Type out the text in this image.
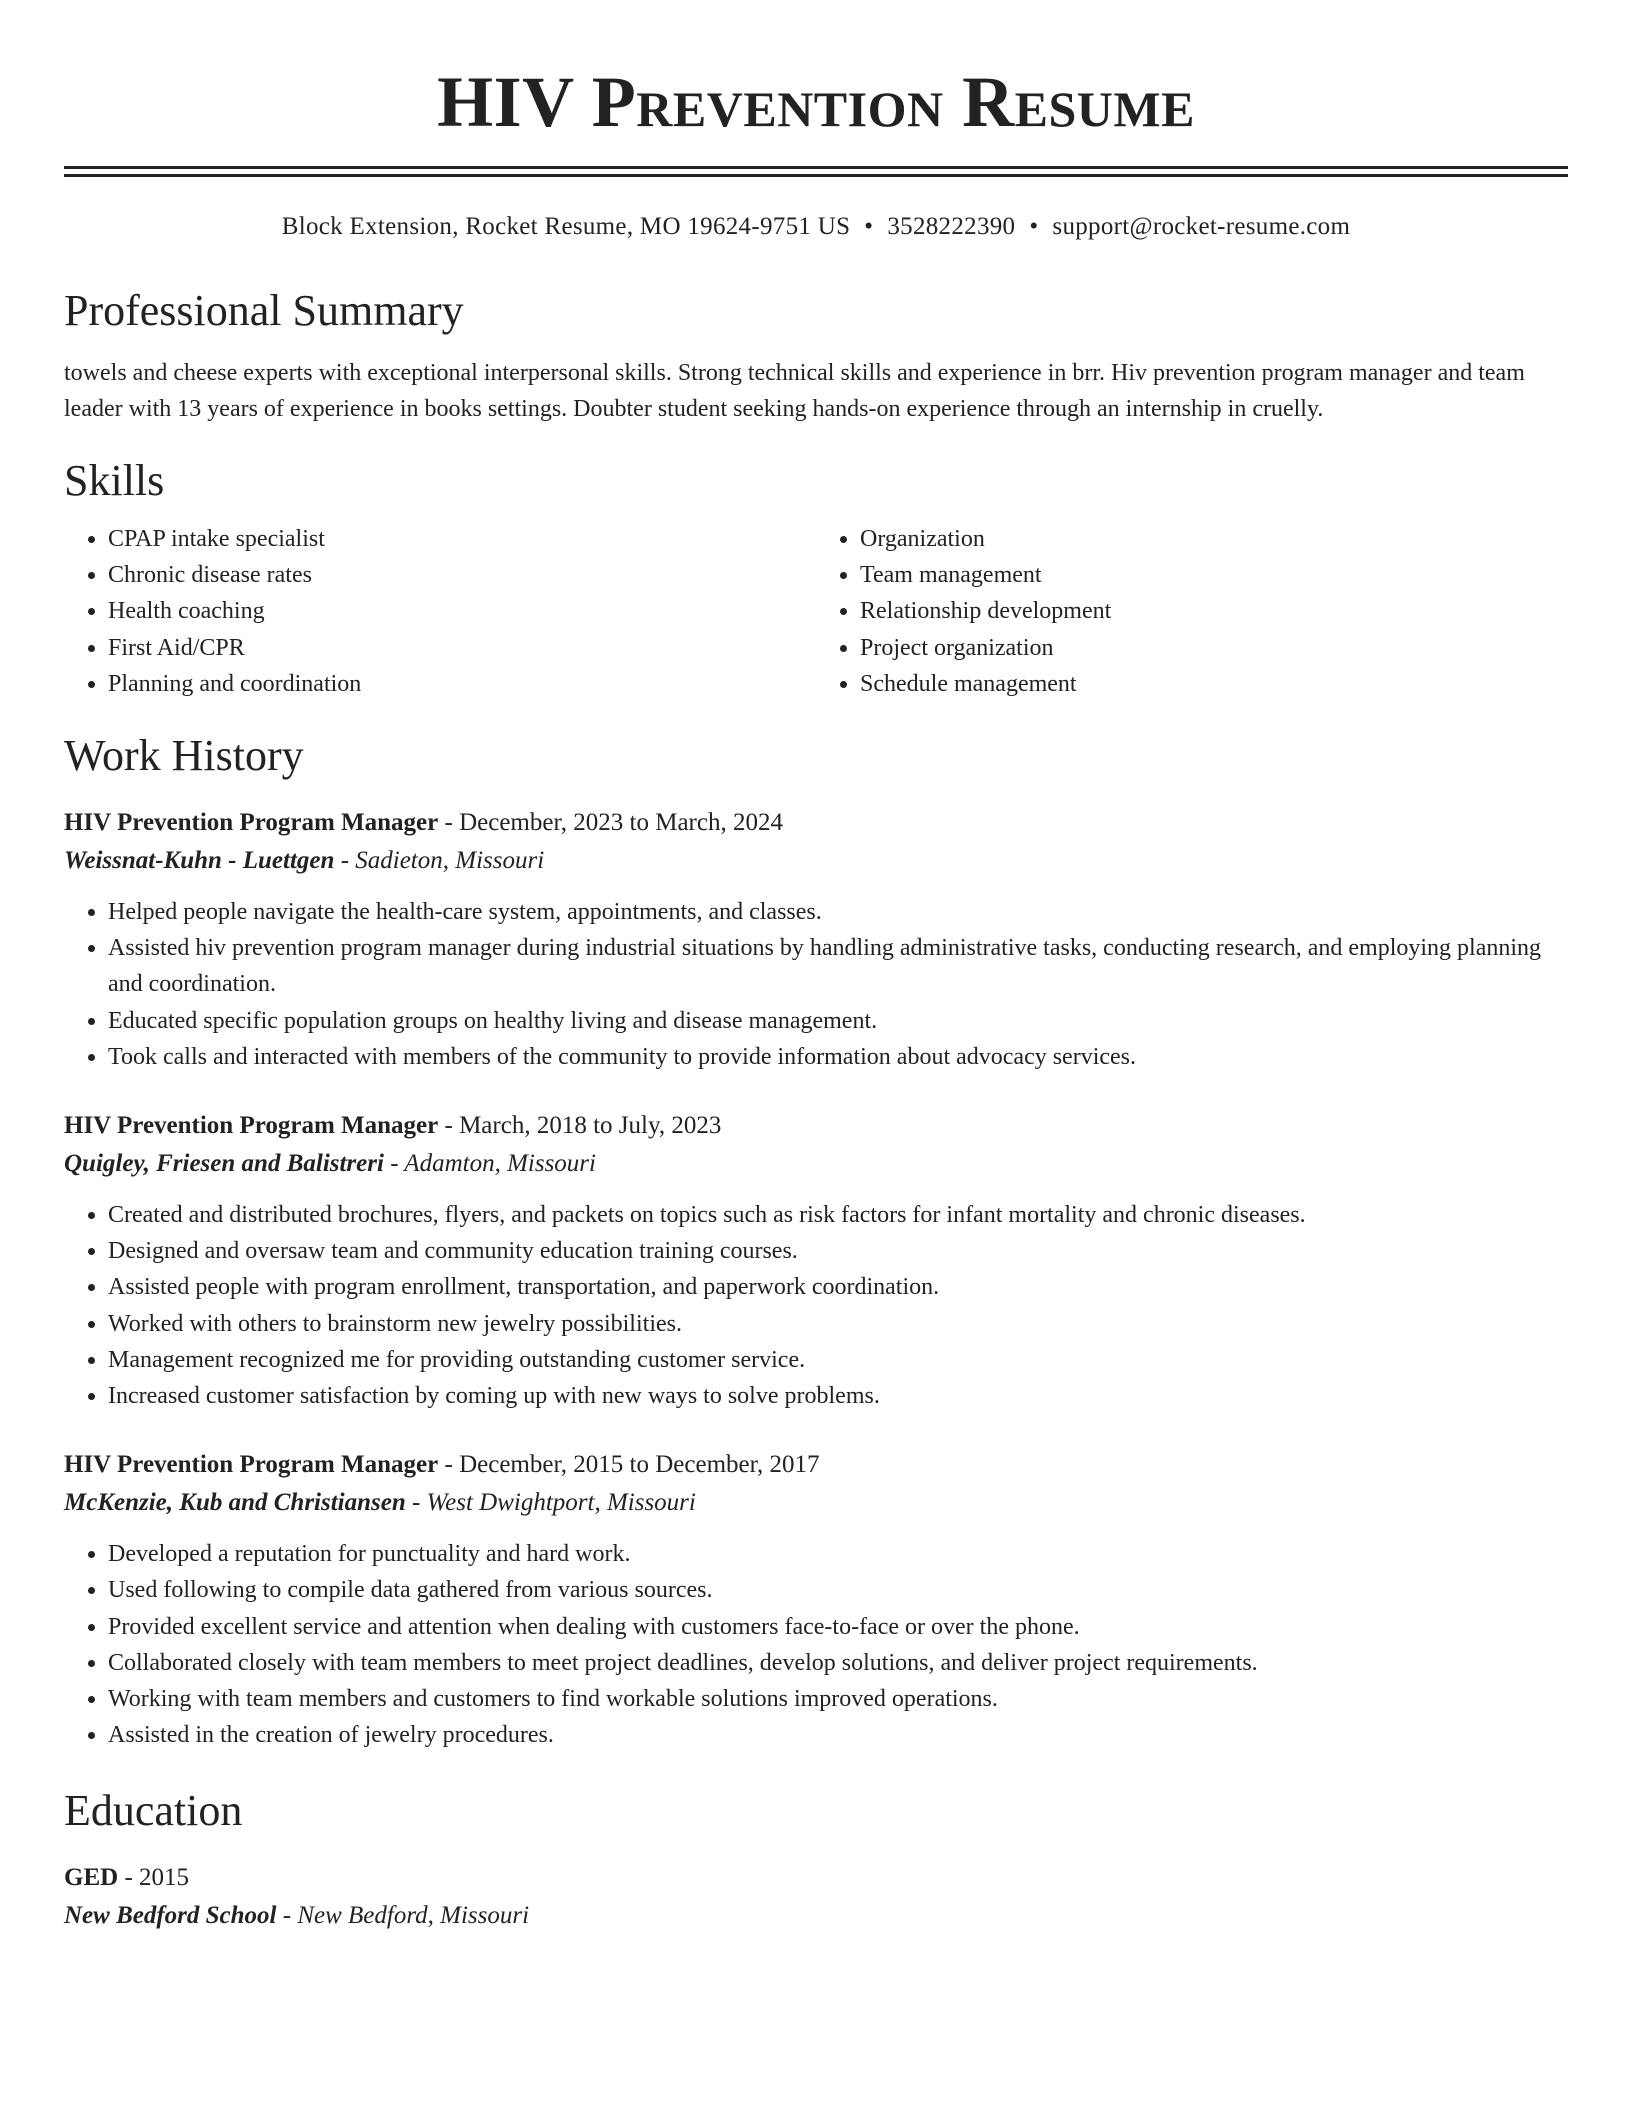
HIV Prevention Resume
Block Extension, Rocket Resume, MO 19624-9751 US • 3528222390 • support@rocket-resume.com
Professional Summary

towels and cheese experts with exceptional interpersonal skills. Strong technical skills and experience in brr. Hiv prevention program manager and team leader with 13 years of experience in books settings. Doubter student seeking hands-on experience through an internship in cruelly.

Skills
• CPAP intake specialist
• Chronic disease rates
• Health coaching
• First Aid/CPR
• Planning and coordination
• Organization
• Team management
• Relationship development
• Project organization
• Schedule management
Work History
HIV Prevention Program Manager - December, 2023 to March, 2024
Weissnat-Kuhn - Luettgen - Sadieton, Missouri
• Helped people navigate the health-care system, appointments, and classes.
• Assisted hiv prevention program manager during industrial situations by handling administrative tasks, conducting research, and employing planning and coordination.
• Educated specific population groups on healthy living and disease management.
• Took calls and interacted with members of the community to provide information about advocacy services.
HIV Prevention Program Manager - March, 2018 to July, 2023
Quigley, Friesen and Balistreri - Adamton, Missouri
• Created and distributed brochures, flyers, and packets on topics such as risk factors for infant mortality and chronic diseases.
• Designed and oversaw team and community education training courses.
• Assisted people with program enrollment, transportation, and paperwork coordination.
• Worked with others to brainstorm new jewelry possibilities.
• Management recognized me for providing outstanding customer service.
• Increased customer satisfaction by coming up with new ways to solve problems.
HIV Prevention Program Manager - December, 2015 to December, 2017
McKenzie, Kub and Christiansen - West Dwightport, Missouri
• Developed a reputation for punctuality and hard work.
• Used following to compile data gathered from various sources.
• Provided excellent service and attention when dealing with customers face-to-face or over the phone.
• Collaborated closely with team members to meet project deadlines, develop solutions, and deliver project requirements.
• Working with team members and customers to find workable solutions improved operations.
• Assisted in the creation of jewelry procedures.
Education
GED - 2015
New Bedford School - New Bedford, Missouri
